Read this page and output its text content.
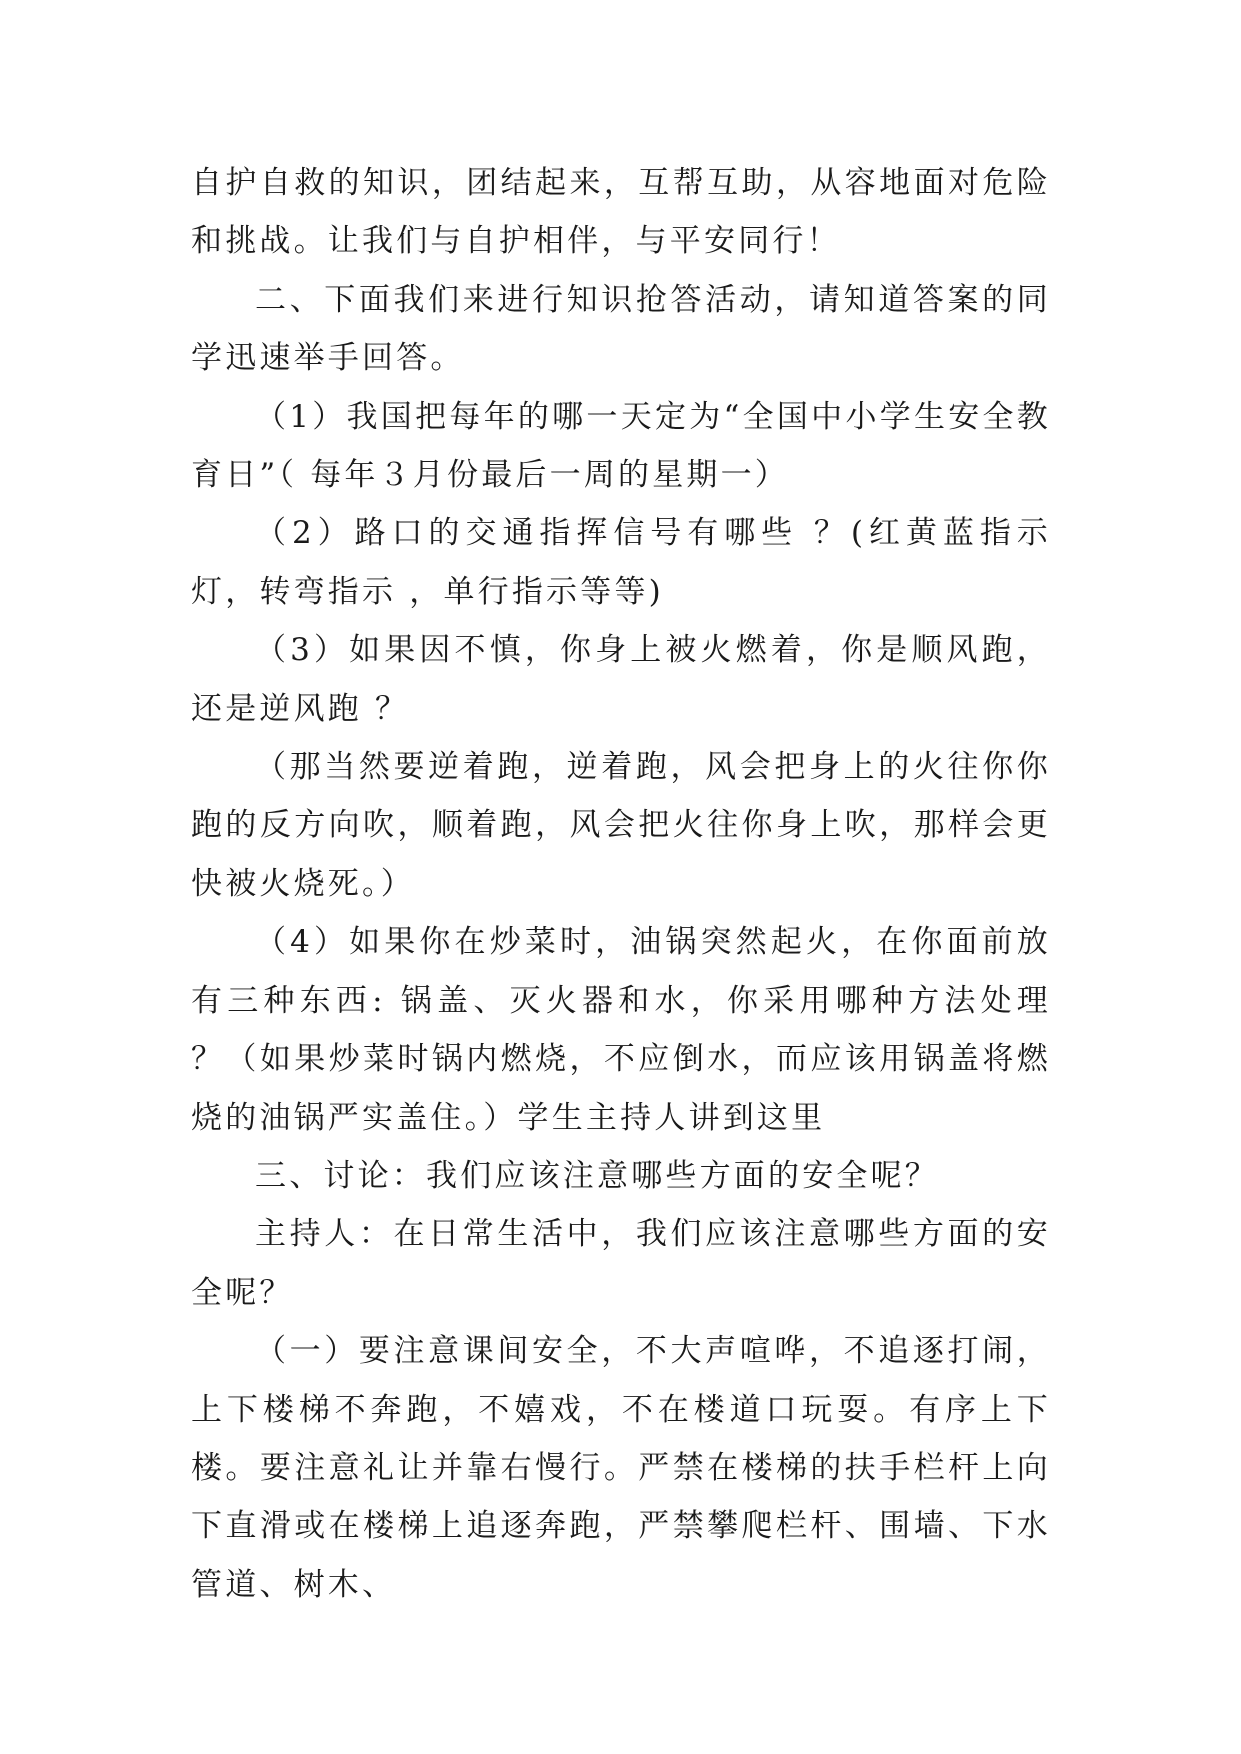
自护自救的知识，团结起来，互帮互助，从容地面对危险和挑战。让我们与自护相伴，与平安同行！

二、下面我们来进行知识抢答活动，请知道答案的同学迅速举手回答。

（1）我国把每年的哪一天定为“全国中小学生安全教育日”（ 每年３月份最后一周的星期一）

（2）路口的交通指挥信号有哪些 ？(红黄蓝指示灯，转弯指示 ，单行指示等等)

（3）如果因不慎，你身上被火燃着，你是顺风跑，还是逆风跑 ？

（那当然要逆着跑，逆着跑，风会把身上的火往你你跑的反方向吹，顺着跑，风会把火往你身上吹，那样会更快被火烧死。）

（4）如果你在炒菜时，油锅突然起火，在你面前放有三种东西: 锅盖、灭火器和水，你采用哪种方法处理 ？（如果炒菜时锅内燃烧，不应倒水，而应该用锅盖将燃烧的油锅严实盖住。）学生主持人讲到这里

三、讨论：我们应该注意哪些方面的安全呢？

主持人：在日常生活中，我们应该注意哪些方面的安全呢？

（一）要注意课间安全，不大声喧哗，不追逐打闹，上下楼梯不奔跑，不嬉戏，不在楼道口玩耍。有序上下楼。要注意礼让并靠右慢行。严禁在楼梯的扶手栏杆上向下直滑或在楼梯上追逐奔跑，严禁攀爬栏杆、围墙、下水管道、树木、
